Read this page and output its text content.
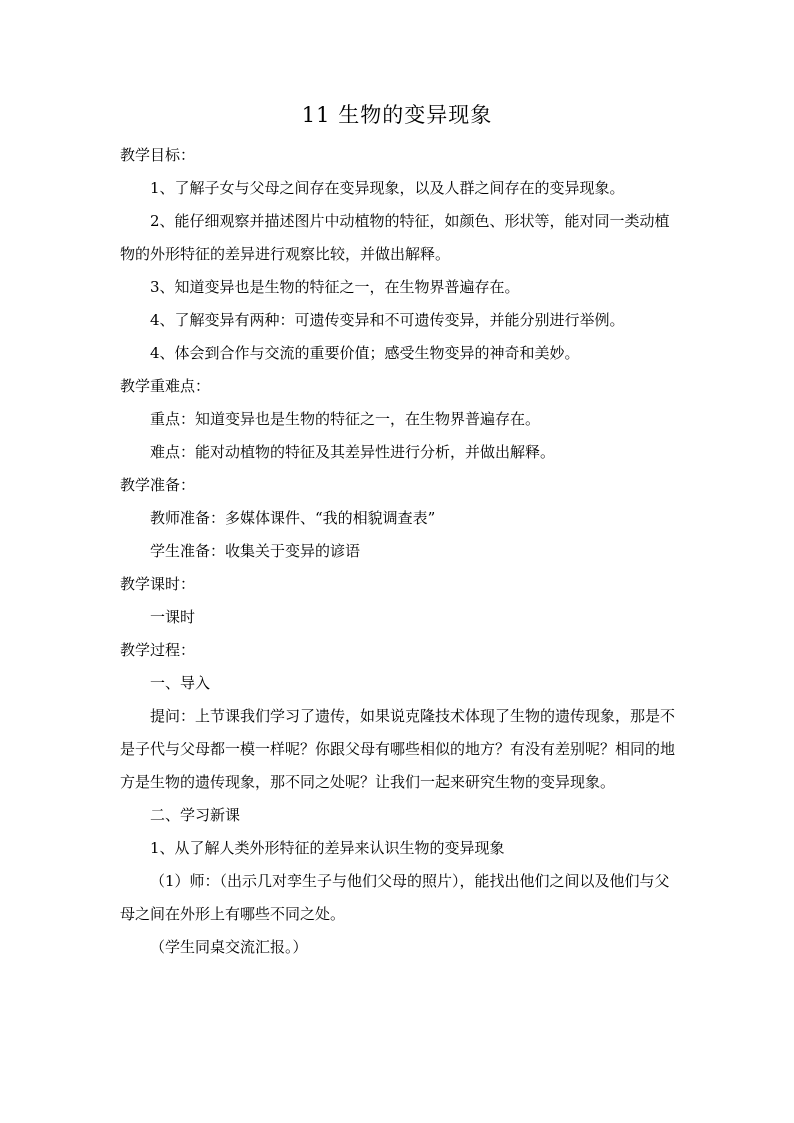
11 生物的变异现象

教学目标：

1、了解子女与父母之间存在变异现象，以及人群之间存在的变异现象。

2、能仔细观察并描述图片中动植物的特征，如颜色、形状等，能对同一类动植物的外形特征的差异进行观察比较，并做出解释。

3、知道变异也是生物的特征之一，在生物界普遍存在。

4、了解变异有两种：可遗传变异和不可遗传变异，并能分别进行举例。

4、体会到合作与交流的重要价值；感受生物变异的神奇和美妙。

教学重难点：

重点：知道变异也是生物的特征之一，在生物界普遍存在。

难点：能对动植物的特征及其差异性进行分析，并做出解释。

教学准备：

教师准备：多媒体课件、“我的相貌调查表”

学生准备：收集关于变异的谚语

教学课时：

一课时

教学过程：

一、导入

提问：上节课我们学习了遗传，如果说克隆技术体现了生物的遗传现象，那是不是子代与父母都一模一样呢？你跟父母有哪些相似的地方？有没有差别呢？相同的地方是生物的遗传现象，那不同之处呢？让我们一起来研究生物的变异现象。

二、学习新课

1、从了解人类外形特征的差异来认识生物的变异现象

（1）师：（出示几对孪生子与他们父母的照片），能找出他们之间以及他们与父母之间在外形上有哪些不同之处。

（学生同桌交流汇报。）
